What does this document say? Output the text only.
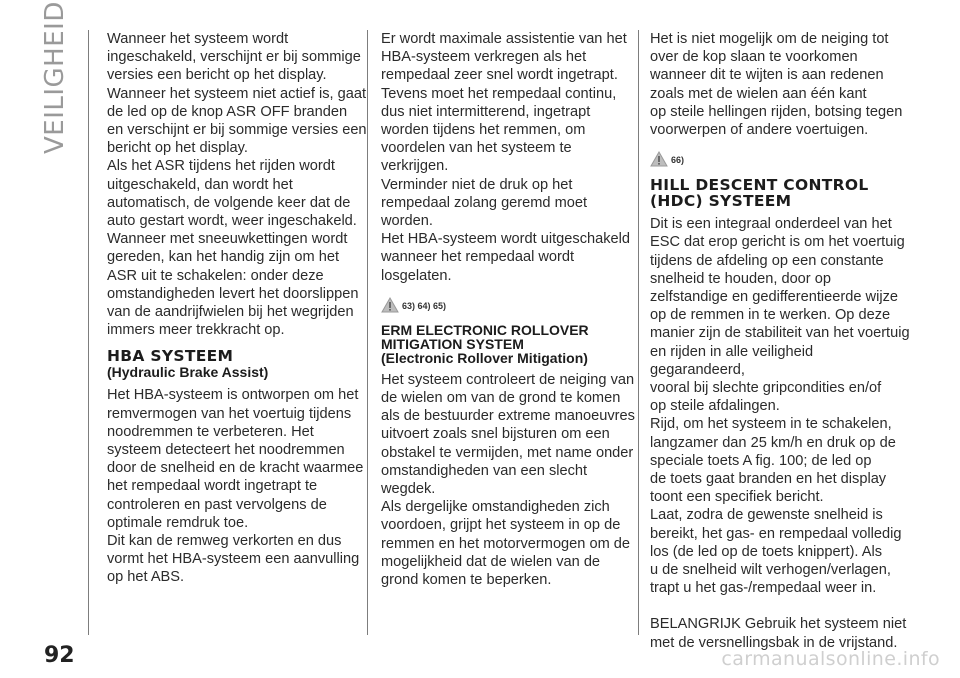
VEILIGHEID	Wanneer het systeem wordt
ingeschakeld, verschijnt er bij sommige
versies een bericht op het display.
Wanneer het systeem niet actief is, gaat
de led op de knop ASR OFF branden
en verschijnt er bij sommige versies een
bericht op het display.
Als het ASR tijdens het rijden wordt
uitgeschakeld, dan wordt het
automatisch, de volgende keer dat de
auto gestart wordt, weer ingeschakeld.
Wanneer met sneeuwkettingen wordt
gereden, kan het handig zijn om het
ASR uit te schakelen: onder deze
omstandigheden levert het doorslippen
van de aandrijfwielen bij het wegrijden
immers meer trekkracht op.

HBA SYSTEEM
(Hydraulic Brake Assist)

Het HBA-systeem is ontworpen om het
remvermogen van het voertuig tijdens
noodremmen te verbeteren. Het
systeem detecteert het noodremmen
door de snelheid en de kracht waarmee
het rempedaal wordt ingetrapt te
controleren en past vervolgens de
optimale remdruk toe.
Dit kan de remweg verkorten en dus
vormt het HBA-systeem een aanvulling
op het ABS.

Er wordt maximale assistentie van het
HBA-systeem verkregen als het
rempedaal zeer snel wordt ingetrapt.
Tevens moet het rempedaal continu,
dus niet intermitterend, ingetrapt
worden tijdens het remmen, om
voordelen van het systeem te
verkrijgen.
Verminder niet de druk op het
rempedaal zolang geremd moet
worden.
Het HBA-systeem wordt uitgeschakeld
wanneer het rempedaal wordt
losgelaten.

63) 64) 65)
ERM ELECTRONIC ROLLOVER
MITIGATION SYSTEM
(Electronic Rollover Mitigation)

Het systeem controleert de neiging van
de wielen om van de grond te komen
als de bestuurder extreme manoeuvres
uitvoert zoals snel bijsturen om een
obstakel te vermijden, met name onder
omstandigheden van een slecht
wegdek.
Als dergelijke omstandigheden zich
voordoen, grijpt het systeem in op de
remmen en het motorvermogen om de
mogelijkheid dat de wielen van de
grond komen te beperken.

Het is niet mogelijk om de neiging tot
over de kop slaan te voorkomen
wanneer dit te wijten is aan redenen
zoals met de wielen aan één kant
op steile hellingen rijden, botsing tegen
voorwerpen of andere voertuigen.

66)
HILL DESCENT CONTROL
(HDC) SYSTEEM

Dit is een integraal onderdeel van het
ESC dat erop gericht is om het voertuig
tijdens de afdeling op een constante
snelheid te houden, door op
zelfstandige en gedifferentieerde wijze
op de remmen in te werken. Op deze
manier zijn de stabiliteit van het voertuig
en rijden in alle veiligheid gegarandeerd,
vooral bij slechte gripcondities en/of
op steile afdalingen.
Rijd, om het systeem in te schakelen,
langzamer dan 25 km/h en druk op de
speciale toets A fig. 100; de led op
de toets gaat branden en het display
toont een specifiek bericht.
Laat, zodra de gewenste snelheid is
bereikt, het gas- en rempedaal volledig
los (de led op de toets knippert). Als
u de snelheid wilt verhogen/verlagen,
trapt u het gas-/rempedaal weer in.

BELANGRIJK Gebruik het systeem niet
met de versnellingsbak in de vrijstand.

92	carmanualsonline.info
